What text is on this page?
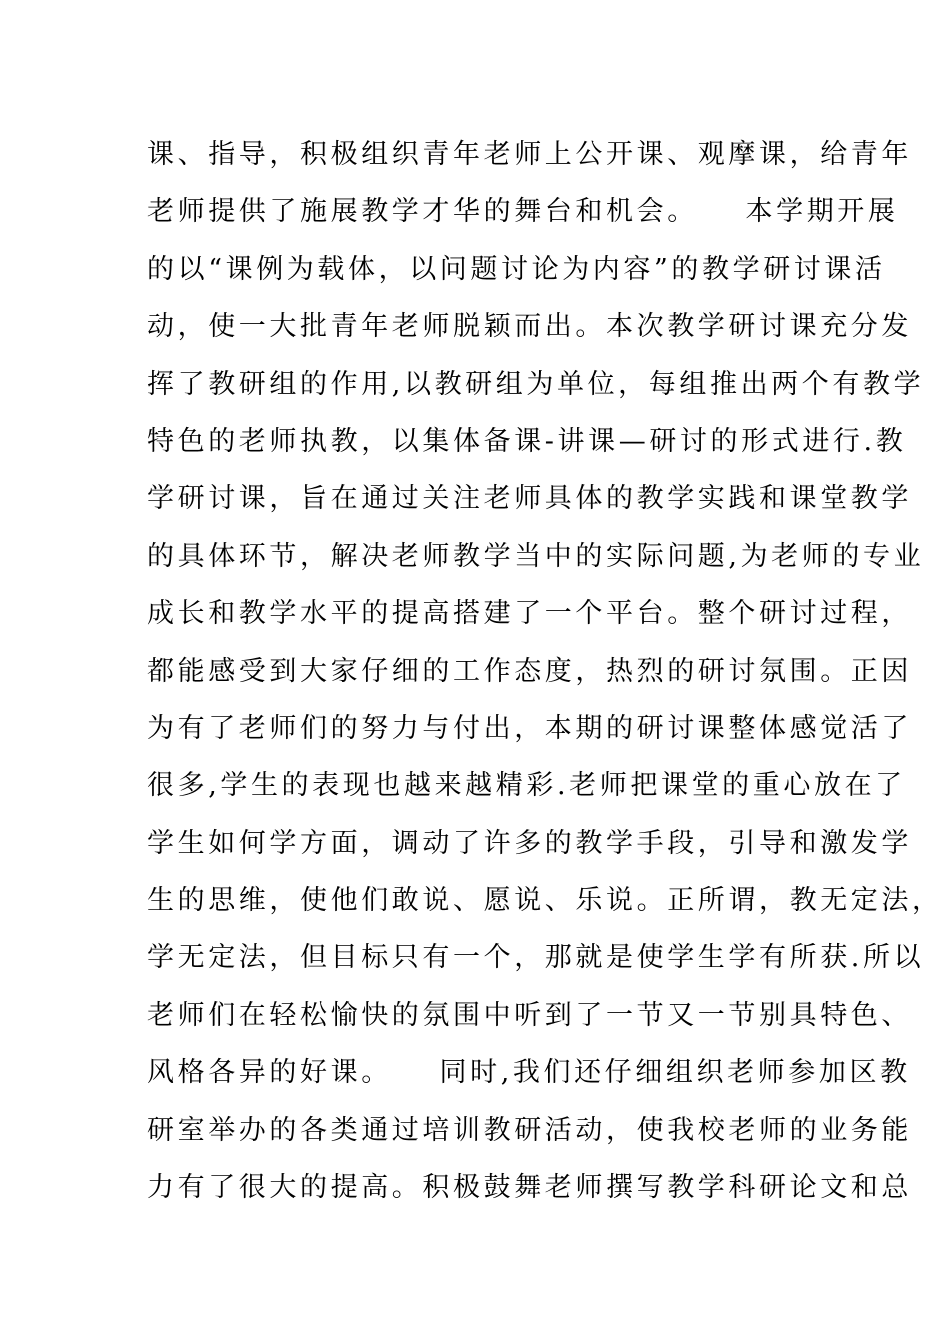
课、指导，积极组织青年老师上公开课、观摩课，给青年
老师提供了施展教学才华的舞台和机会。　　本学期开展
的以“课例为载体，以问题讨论为内容”的教学研讨课活
动，使一大批青年老师脱颖而出。本次教学研讨课充分发
挥了教研组的作用,以教研组为单位，每组推出两个有教学
特色的老师执教，以集体备课-讲课—研讨的形式进行.教
学研讨课，旨在通过关注老师具体的教学实践和课堂教学
的具体环节，解决老师教学当中的实际问题,为老师的专业
成长和教学水平的提高搭建了一个平台。整个研讨过程，
都能感受到大家仔细的工作态度，热烈的研讨氛围。正因
为有了老师们的努力与付出，本期的研讨课整体感觉活了
很多,学生的表现也越来越精彩.老师把课堂的重心放在了
学生如何学方面，调动了许多的教学手段，引导和激发学
生的思维，使他们敢说、愿说、乐说。正所谓，教无定法，
学无定法，但目标只有一个，那就是使学生学有所获.所以
老师们在轻松愉快的氛围中听到了一节又一节别具特色、
风格各异的好课。　　同时,我们还仔细组织老师参加区教
研室举办的各类通过培训教研活动，使我校老师的业务能
力有了很大的提高。积极鼓舞老师撰写教学科研论文和总
